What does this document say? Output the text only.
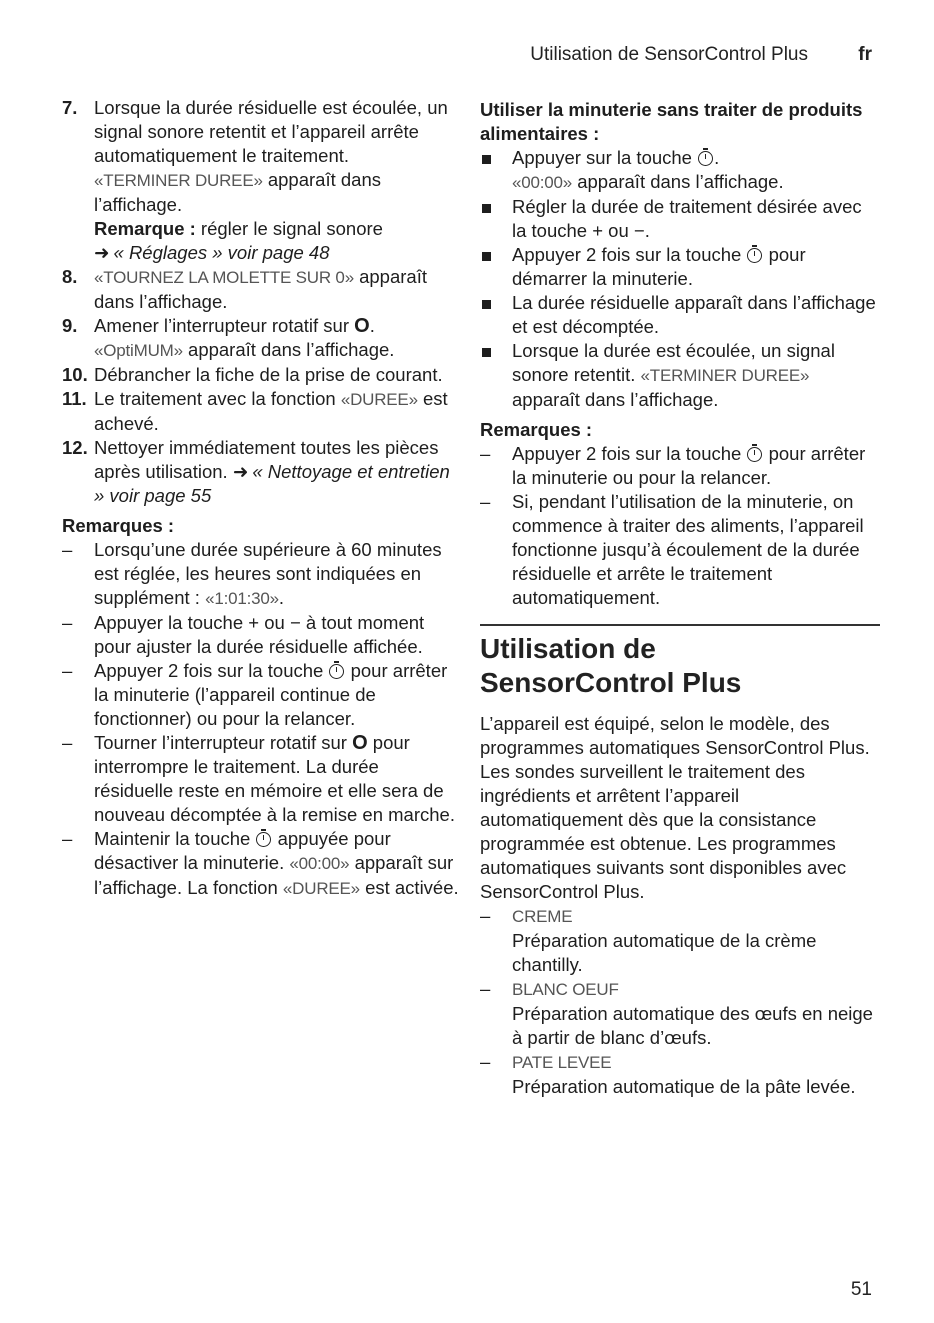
Utilisation de SensorControl Plus	fr
7. Lorsque la durée résiduelle est écoulée, un signal sonore retentit et l’appareil arrête automatiquement le traitement.
«TERMINER DUREE» apparaît dans l’affichage.
Remarque : régler le signal sonore
➜ « Réglages » voir page 48
8. «TOURNEZ LA MOLETTE SUR 0» apparaît dans l’affichage.
9. Amener l’interrupteur rotatif sur O.
«OptiMUM» apparaît dans l’affichage.
10. Débrancher la fiche de la prise de courant.
11. Le traitement avec la fonction «DUREE» est achevé.
12. Nettoyer immédiatement toutes les pièces après utilisation. ➜ « Nettoyage et entretien » voir page 55
Remarques :
– Lorsqu’une durée supérieure à 60 minutes est réglée, les heures sont indiquées en supplément : «1:01:30».
– Appuyer la touche + ou − à tout moment pour ajuster la durée résiduelle affichée.
– Appuyer 2 fois sur la touche  pour arrêter la minuterie (l’appareil continue de fonctionner) ou pour la relancer.
– Tourner l’interrupteur rotatif sur O pour interrompre le traitement. La durée résiduelle reste en mémoire et elle sera de nouveau décomptée à la remise en marche.
– Maintenir la touche  appuyée pour désactiver la minuterie. «00:00» apparaît sur l’affichage. La fonction «DUREE» est activée.
Utiliser la minuterie sans traiter de produits alimentaires :
Appuyer sur la touche .
«00:00» apparaît dans l’affichage.
Régler la durée de traitement désirée avec la touche + ou −.
Appuyer 2 fois sur la touche  pour démarrer la minuterie.
La durée résiduelle apparaît dans l’affichage et est décomptée.
Lorsque la durée est écoulée, un signal sonore retentit. «TERMINER DUREE» apparaît dans l’affichage.
Remarques :
– Appuyer 2 fois sur la touche  pour arrêter la minuterie ou pour la relancer.
– Si, pendant l’utilisation de la minuterie, on commence à traiter des aliments, l’appareil fonctionne jusqu’à écoulement de la durée résiduelle et arrête le traitement automatiquement.
Utilisation de
SensorControl Plus
L’appareil est équipé, selon le modèle, des programmes automatiques SensorControl Plus. Les sondes surveillent le traitement des ingrédients et arrêtent l’appareil automatiquement dès que la consistance programmée est obtenue. Les programmes automatiques suivants sont disponibles avec SensorControl Plus.
– CREME
Préparation automatique de la crème chantilly.
– BLANC OEUF
Préparation automatique des œufs en neige à partir de blanc d’œufs.
– PATE LEVEE
Préparation automatique de la pâte levée.
51
